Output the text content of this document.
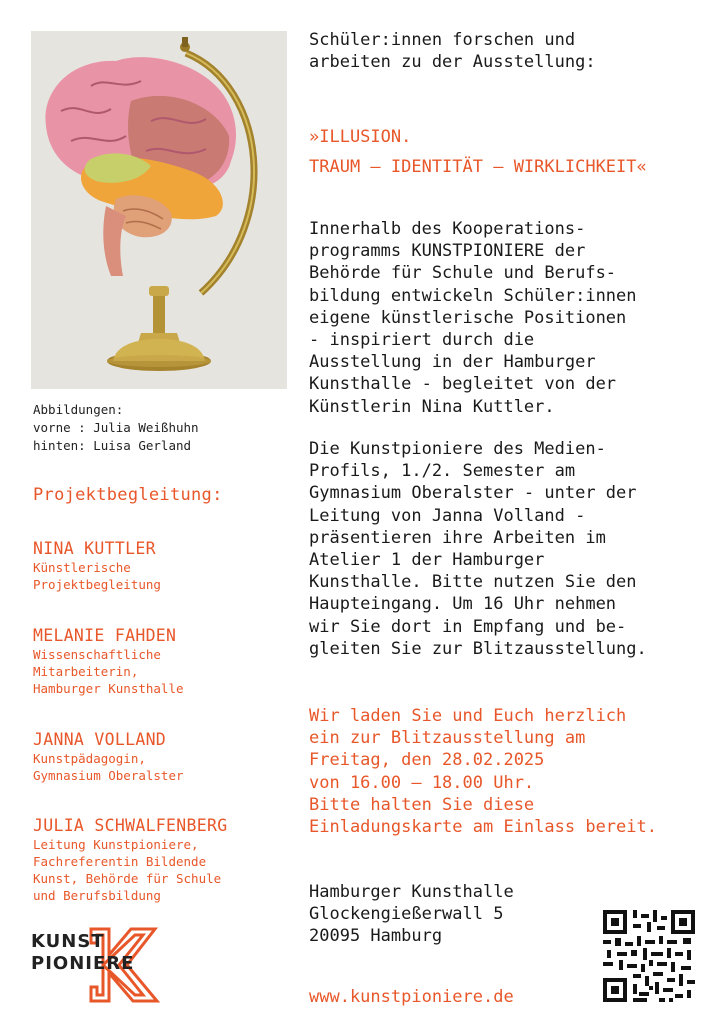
Abbildungen:
vorne : Julia Weißhuhn
hinten: Luisa Gerland
Projektbegleitung:
NINA KUTTLER
Künstlerische
Projektbegleitung
MELANIE FAHDEN
Wissenschaftliche
Mitarbeiterin,
Hamburger Kunsthalle
JANNA VOLLAND
Kunstpädagogin,
Gymnasium Oberalster
JULIA SCHWALFENBERG
Leitung Kunstpioniere,
Fachreferentin Bildende
Kunst, Behörde für Schule
und Berufsbildung
KUNST
PIONIERE
Schüler:innen forschen und
arbeiten zu der Ausstellung:
»ILLUSION.
TRAUM – IDENTITÄT – WIRKLICHKEIT«
Innerhalb des Kooperations-
programms KUNSTPIONIERE der
Behörde für Schule und Berufs-
bildung entwickeln Schüler:innen
eigene künstlerische Positionen
- inspiriert durch die
Ausstellung in der Hamburger
Kunsthalle - begleitet von der
Künstlerin Nina Kuttler.
Die Kunstpioniere des Medien-
Profils, 1./2. Semester am
Gymnasium Oberalster - unter der
Leitung von Janna Volland -
präsentieren ihre Arbeiten im
Atelier 1 der Hamburger
Kunsthalle. Bitte nutzen Sie den
Haupteingang. Um 16 Uhr nehmen
wir Sie dort in Empfang und be-
gleiten Sie zur Blitzausstellung.
Wir laden Sie und Euch herzlich
ein zur Blitzausstellung am
Freitag, den 28.02.2025
von 16.00 – 18.00 Uhr.
Bitte halten Sie diese
Einladungskarte am Einlass bereit.
Hamburger Kunsthalle
Glockengießerwall 5
20095 Hamburg
www.kunstpioniere.de
